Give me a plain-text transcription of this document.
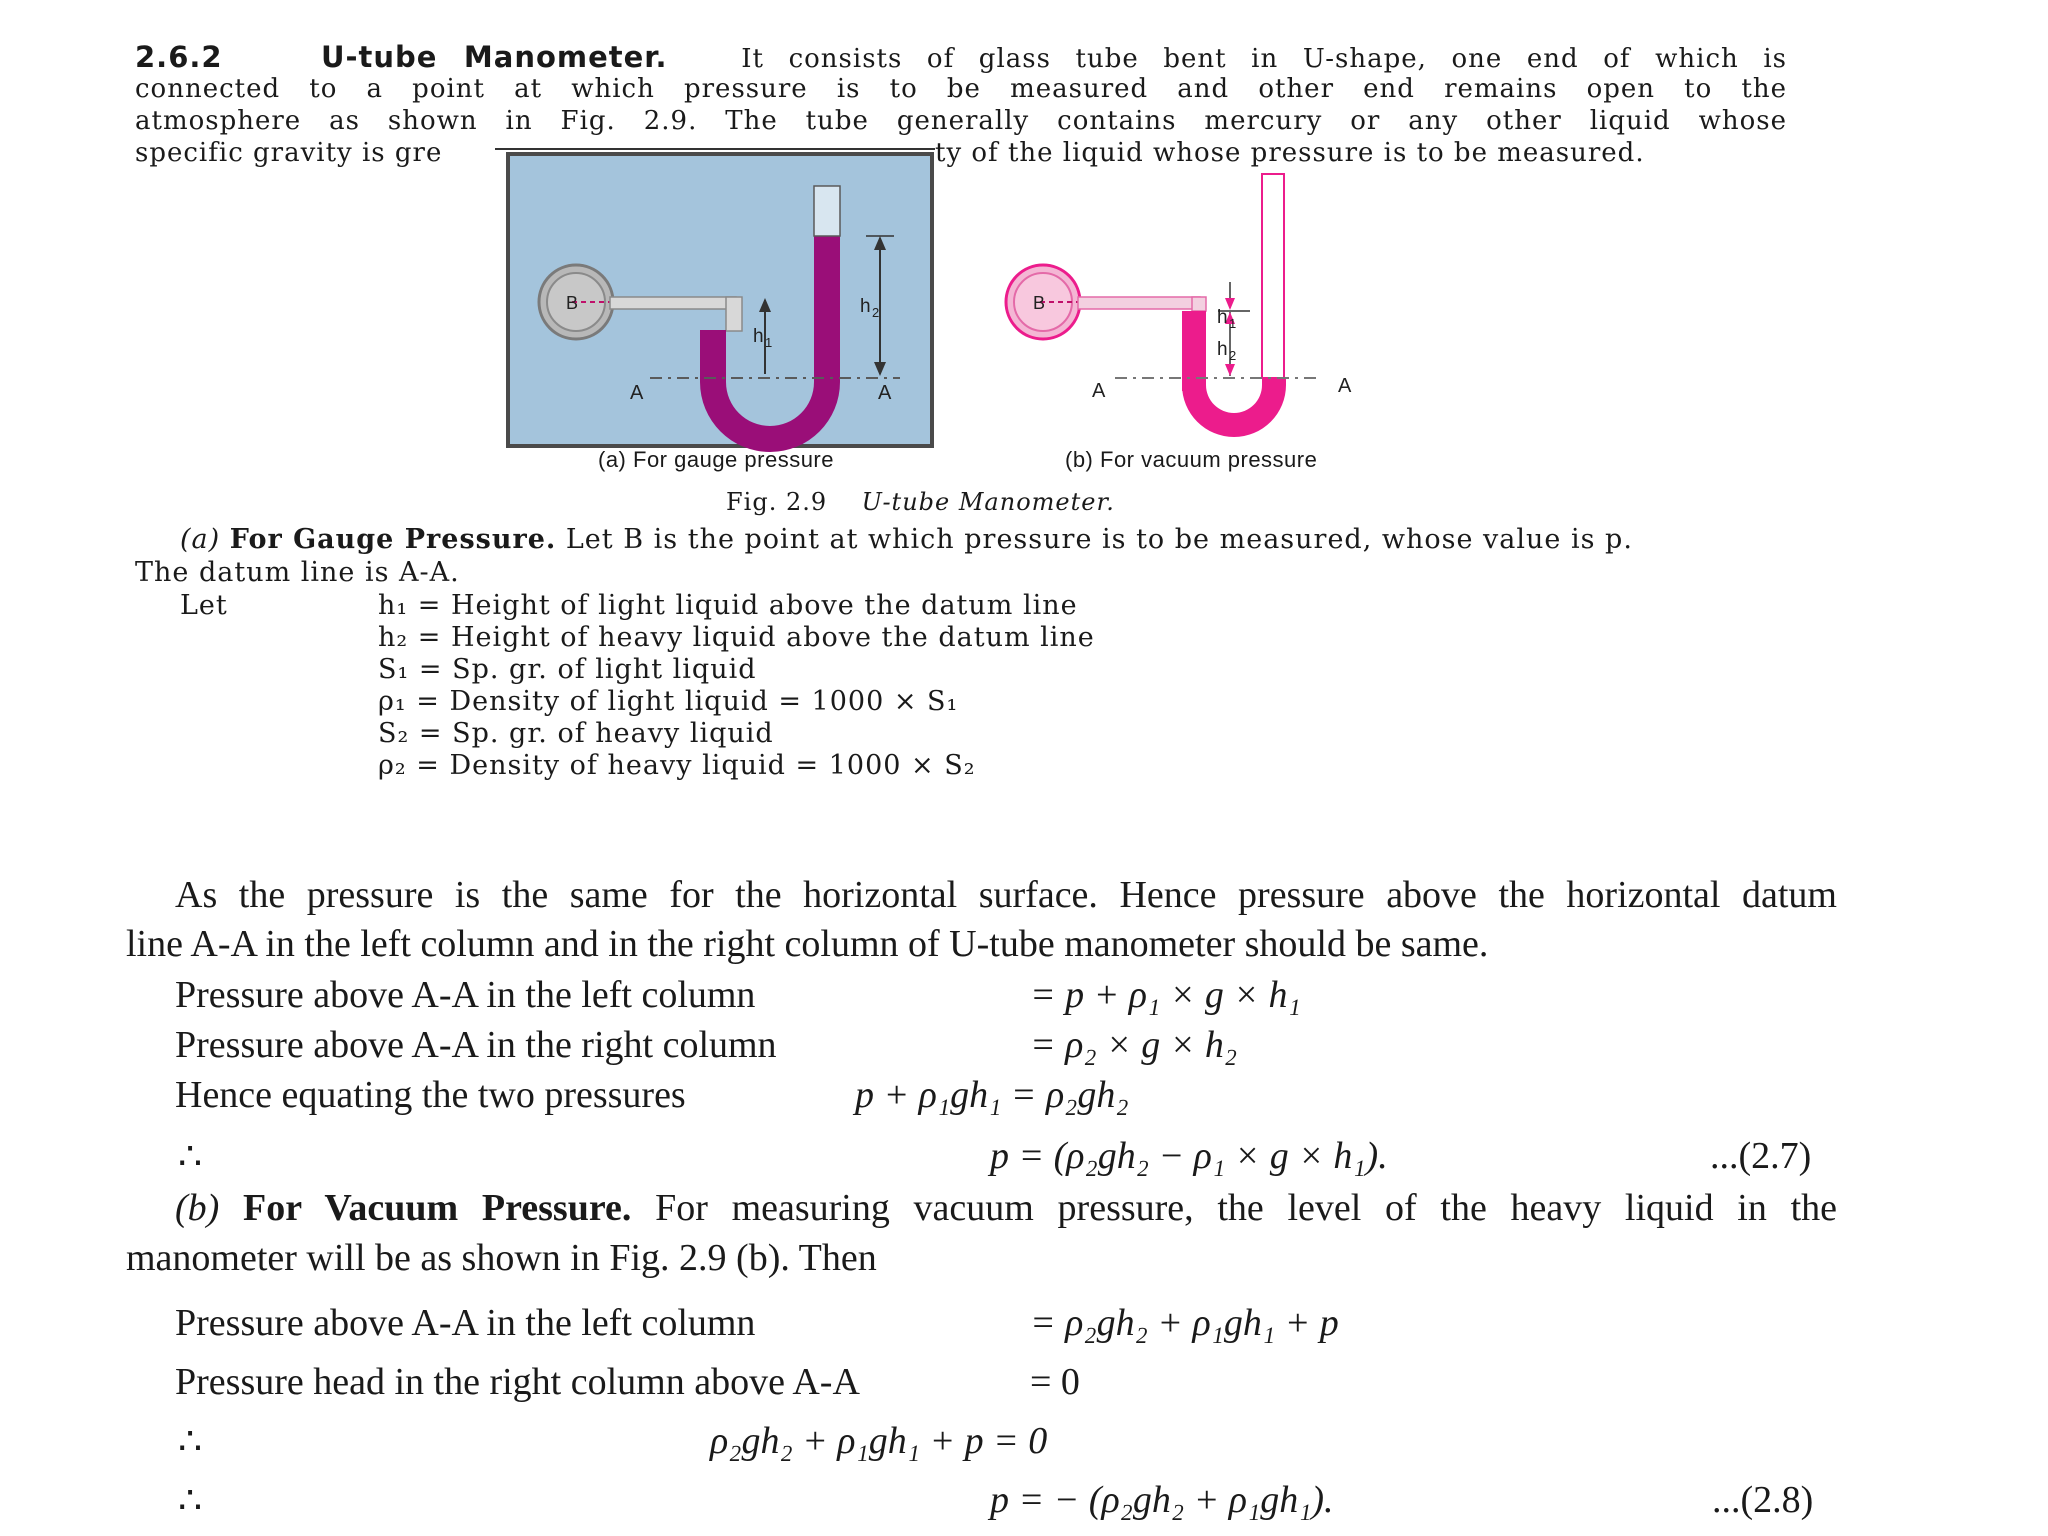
2.6.2	U-tube Manometer.	It consists of glass tube bent in U-shape, one end of which is
connected to a point at which pressure is to be measured and other end remains open to the
atmosphere as shown in Fig. 2.9. The tube generally contains mercury or any other liquid whose
specific gravity is gre	ty of the liquid whose pressure is to be measured.
B
A	A
h 1
h 2	B
A	A
h 1
h 2
(a) For gauge pressure	(b) For vacuum pressure
Fig. 2.9 U-tube Manometer.
(a) For Gauge Pressure. Let B is the point at which pressure is to be measured, whose value is p.
The datum line is A-A.
Let	h₁ = Height of light liquid above the datum line
h₂ = Height of heavy liquid above the datum line
S₁ = Sp. gr. of light liquid
ρ₁ = Density of light liquid = 1000 × S₁
S₂ = Sp. gr. of heavy liquid
ρ₂ = Density of heavy liquid = 1000 × S₂
As the pressure is the same for the horizontal surface. Hence pressure above the horizontal datum
line A-A in the left column and in the right column of U-tube manometer should be same.
Pressure above A-A in the left column	= p + ρ₁ × g × h₁
Pressure above A-A in the right column	= ρ₂ × g × h₂
Hence equating the two pressures	p + ρ₁gh₁ = ρ₂gh₂
∴	p = (ρ₂gh₂ − ρ₁ × g × h₁).	...(2.7)
(b) For Vacuum Pressure. For measuring vacuum pressure, the level of the heavy liquid in the
manometer will be as shown in Fig. 2.9 (b). Then
Pressure above A-A in the left column	= ρ₂gh₂ + ρ₁gh₁ + p
Pressure head in the right column above A-A	= 0
∴	ρ₂gh₂ + ρ₁gh₁ + p = 0
∴	p = − (ρ₂gh₂ + ρ₁gh₁).	...(2.8)
